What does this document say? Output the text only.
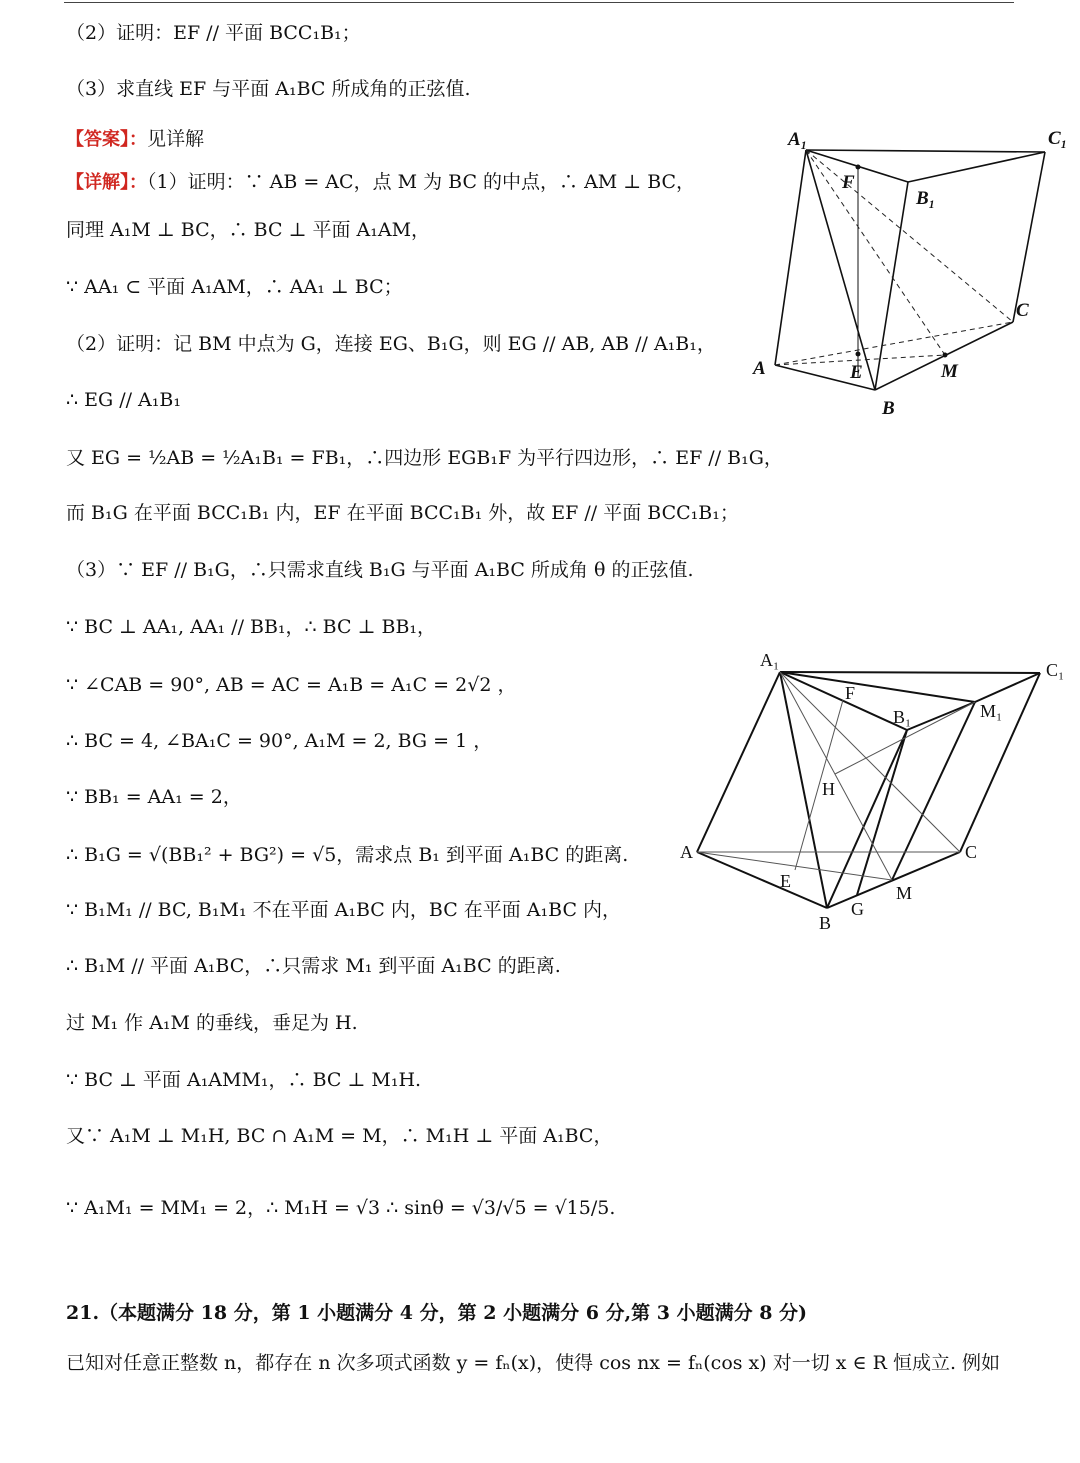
（2）证明：EF // 平面 BCC₁B₁；
（3）求直线 EF 与平面 A₁BC 所成角的正弦值.
【答案】：见详解
【详解】：（1）证明：∵ AB = AC，点 M 为 BC 的中点，∴ AM ⊥ BC，
同理 A₁M ⊥ BC，∴ BC ⊥ 平面 A₁AM，
∵ AA₁ ⊂ 平面 A₁AM，∴ AA₁ ⊥ BC；
（2）证明：记 BM 中点为 G，连接 EG、B₁G，则 EG // AB, AB // A₁B₁，
∴ EG // A₁B₁
又 EG = ½AB = ½A₁B₁ = FB₁，∴四边形 EGB₁F 为平行四边形，∴ EF // B₁G，
而 B₁G 在平面 BCC₁B₁ 内，EF 在平面 BCC₁B₁ 外，故 EF // 平面 BCC₁B₁；
（3）∵ EF // B₁G，∴只需求直线 B₁G 与平面 A₁BC 所成角 θ 的正弦值.
∵ BC ⊥ AA₁, AA₁ // BB₁，∴ BC ⊥ BB₁，
∵ ∠CAB = 90°, AB = AC = A₁B = A₁C = 2√2 ，
∴ BC = 4, ∠BA₁C = 90°, A₁M = 2, BG = 1 ，
∵ BB₁ = AA₁ = 2，
∴ B₁G = √(BB₁² + BG²) = √5，需求点 B₁ 到平面 A₁BC 的距离.
∵ B₁M₁ // BC, B₁M₁ 不在平面 A₁BC 内，BC 在平面 A₁BC 内，
∴ B₁M // 平面 A₁BC，∴只需求 M₁ 到平面 A₁BC 的距离.
过 M₁ 作 A₁M 的垂线，垂足为 H.
∵ BC ⊥ 平面 A₁AMM₁，∴ BC ⊥ M₁H.
又∵ A₁M ⊥ M₁H, BC ∩ A₁M = M，∴ M₁H ⊥ 平面 A₁BC，
∵ A₁M₁ = MM₁ = 2，∴ M₁H = √3 ∴ sinθ = √3/√5 = √15/5.
21.（本题满分 18 分，第 1 小题满分 4 分，第 2 小题满分 6 分,第 3 小题满分 8 分)
已知对任意正整数 n，都存在 n 次多项式函数 y = fₙ(x)，使得 cos nx = fₙ(cos x) 对一切 x ∈ R 恒成立. 例如
A₁	C₁
F
B₁
C
A	E	M
B
A₁	C₁
F
B₁	M₁
H
A	C
E
M
G
B
